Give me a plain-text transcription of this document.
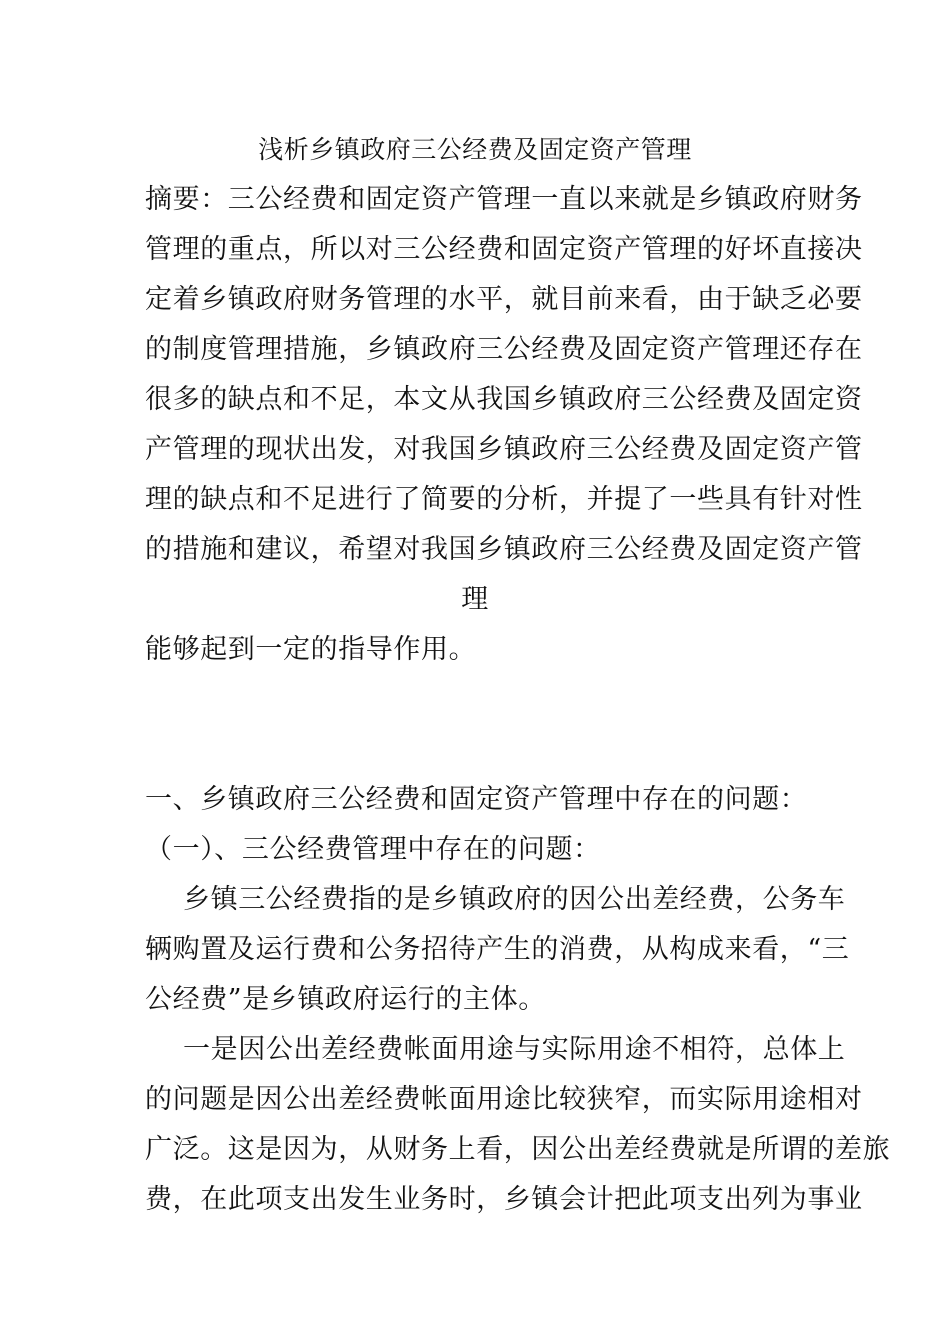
浅析乡镇政府三公经费及固定资产管理
摘要：三公经费和固定资产管理一直以来就是乡镇政府财务
管理的重点，所以对三公经费和固定资产管理的好坏直接决
定着乡镇政府财务管理的水平，就目前来看，由于缺乏必要
的制度管理措施，乡镇政府三公经费及固定资产管理还存在
很多的缺点和不足，本文从我国乡镇政府三公经费及固定资
产管理的现状出发，对我国乡镇政府三公经费及固定资产管
理的缺点和不足进行了简要的分析，并提了一些具有针对性
的措施和建议，希望对我国乡镇政府三公经费及固定资产管
理
能够起到一定的指导作用。
一、乡镇政府三公经费和固定资产管理中存在的问题：
（一）、三公经费管理中存在的问题：
乡镇三公经费指的是乡镇政府的因公出差经费，公务车
辆购置及运行费和公务招待产生的消费，从构成来看，“三
公经费”是乡镇政府运行的主体。
一是因公出差经费帐面用途与实际用途不相符，总体上
的问题是因公出差经费帐面用途比较狭窄，而实际用途相对
广泛。这是因为，从财务上看，因公出差经费就是所谓的差旅
费，在此项支出发生业务时，乡镇会计把此项支出列为事业
